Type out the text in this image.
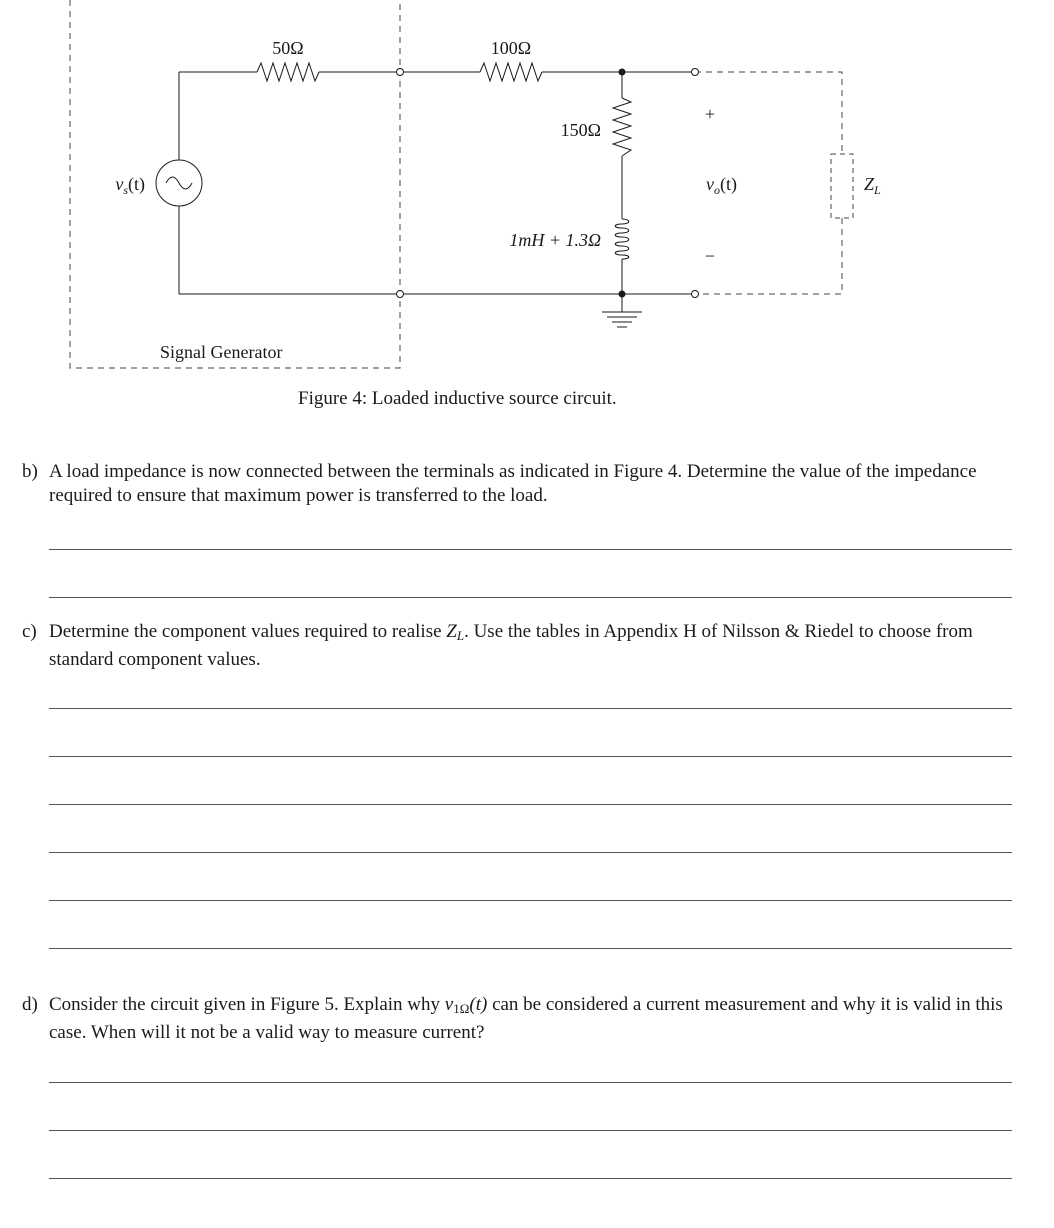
50Ω	100Ω
150Ω
1mH + 1.3Ω
$v_s(t)$	$v_o(t)$
+
−
$Z_L$
Signal Generator
Figure 4: Loaded inductive source circuit.
b) A load impedance is now connected between the terminals as indicated in Figure 4. Determine the value of the impedance required to ensure that maximum power is transferred to the load.
c) Determine the component values required to realise ZL. Use the tables in Appendix H of Nilsson & Riedel to choose from standard component values.
d) Consider the circuit given in Figure 5. Explain why $v_{1\Omega}(t)$ can be considered a current measurement and why it is valid in this case. When will it not be a valid way to measure current?
